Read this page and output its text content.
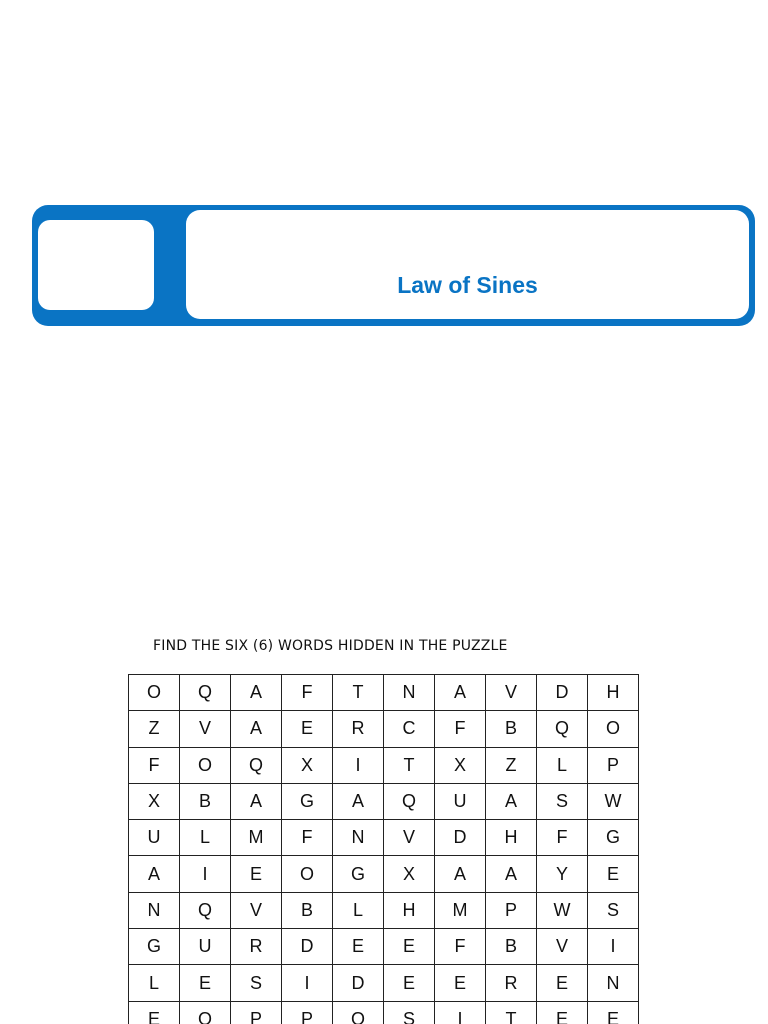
Law of Sines
FIND THE SIX (6) WORDS HIDDEN IN THE PUZZLE
O	Q	A	F	T	N	A	V	D	H
Z	V	A	E	R	C	F	B	Q	O
F	O	Q	X	I	T	X	Z	L	P
X	B	A	G	A	Q	U	A	S	W
U	L	M	F	N	V	D	H	F	G
A	I	E	O	G	X	A	A	Y	E
N	Q	V	B	L	H	M	P	W	S
G	U	R	D	E	E	F	B	V	I
L	E	S	I	D	E	E	R	E	N
E	O	P	P	O	S	I	T	E	E
